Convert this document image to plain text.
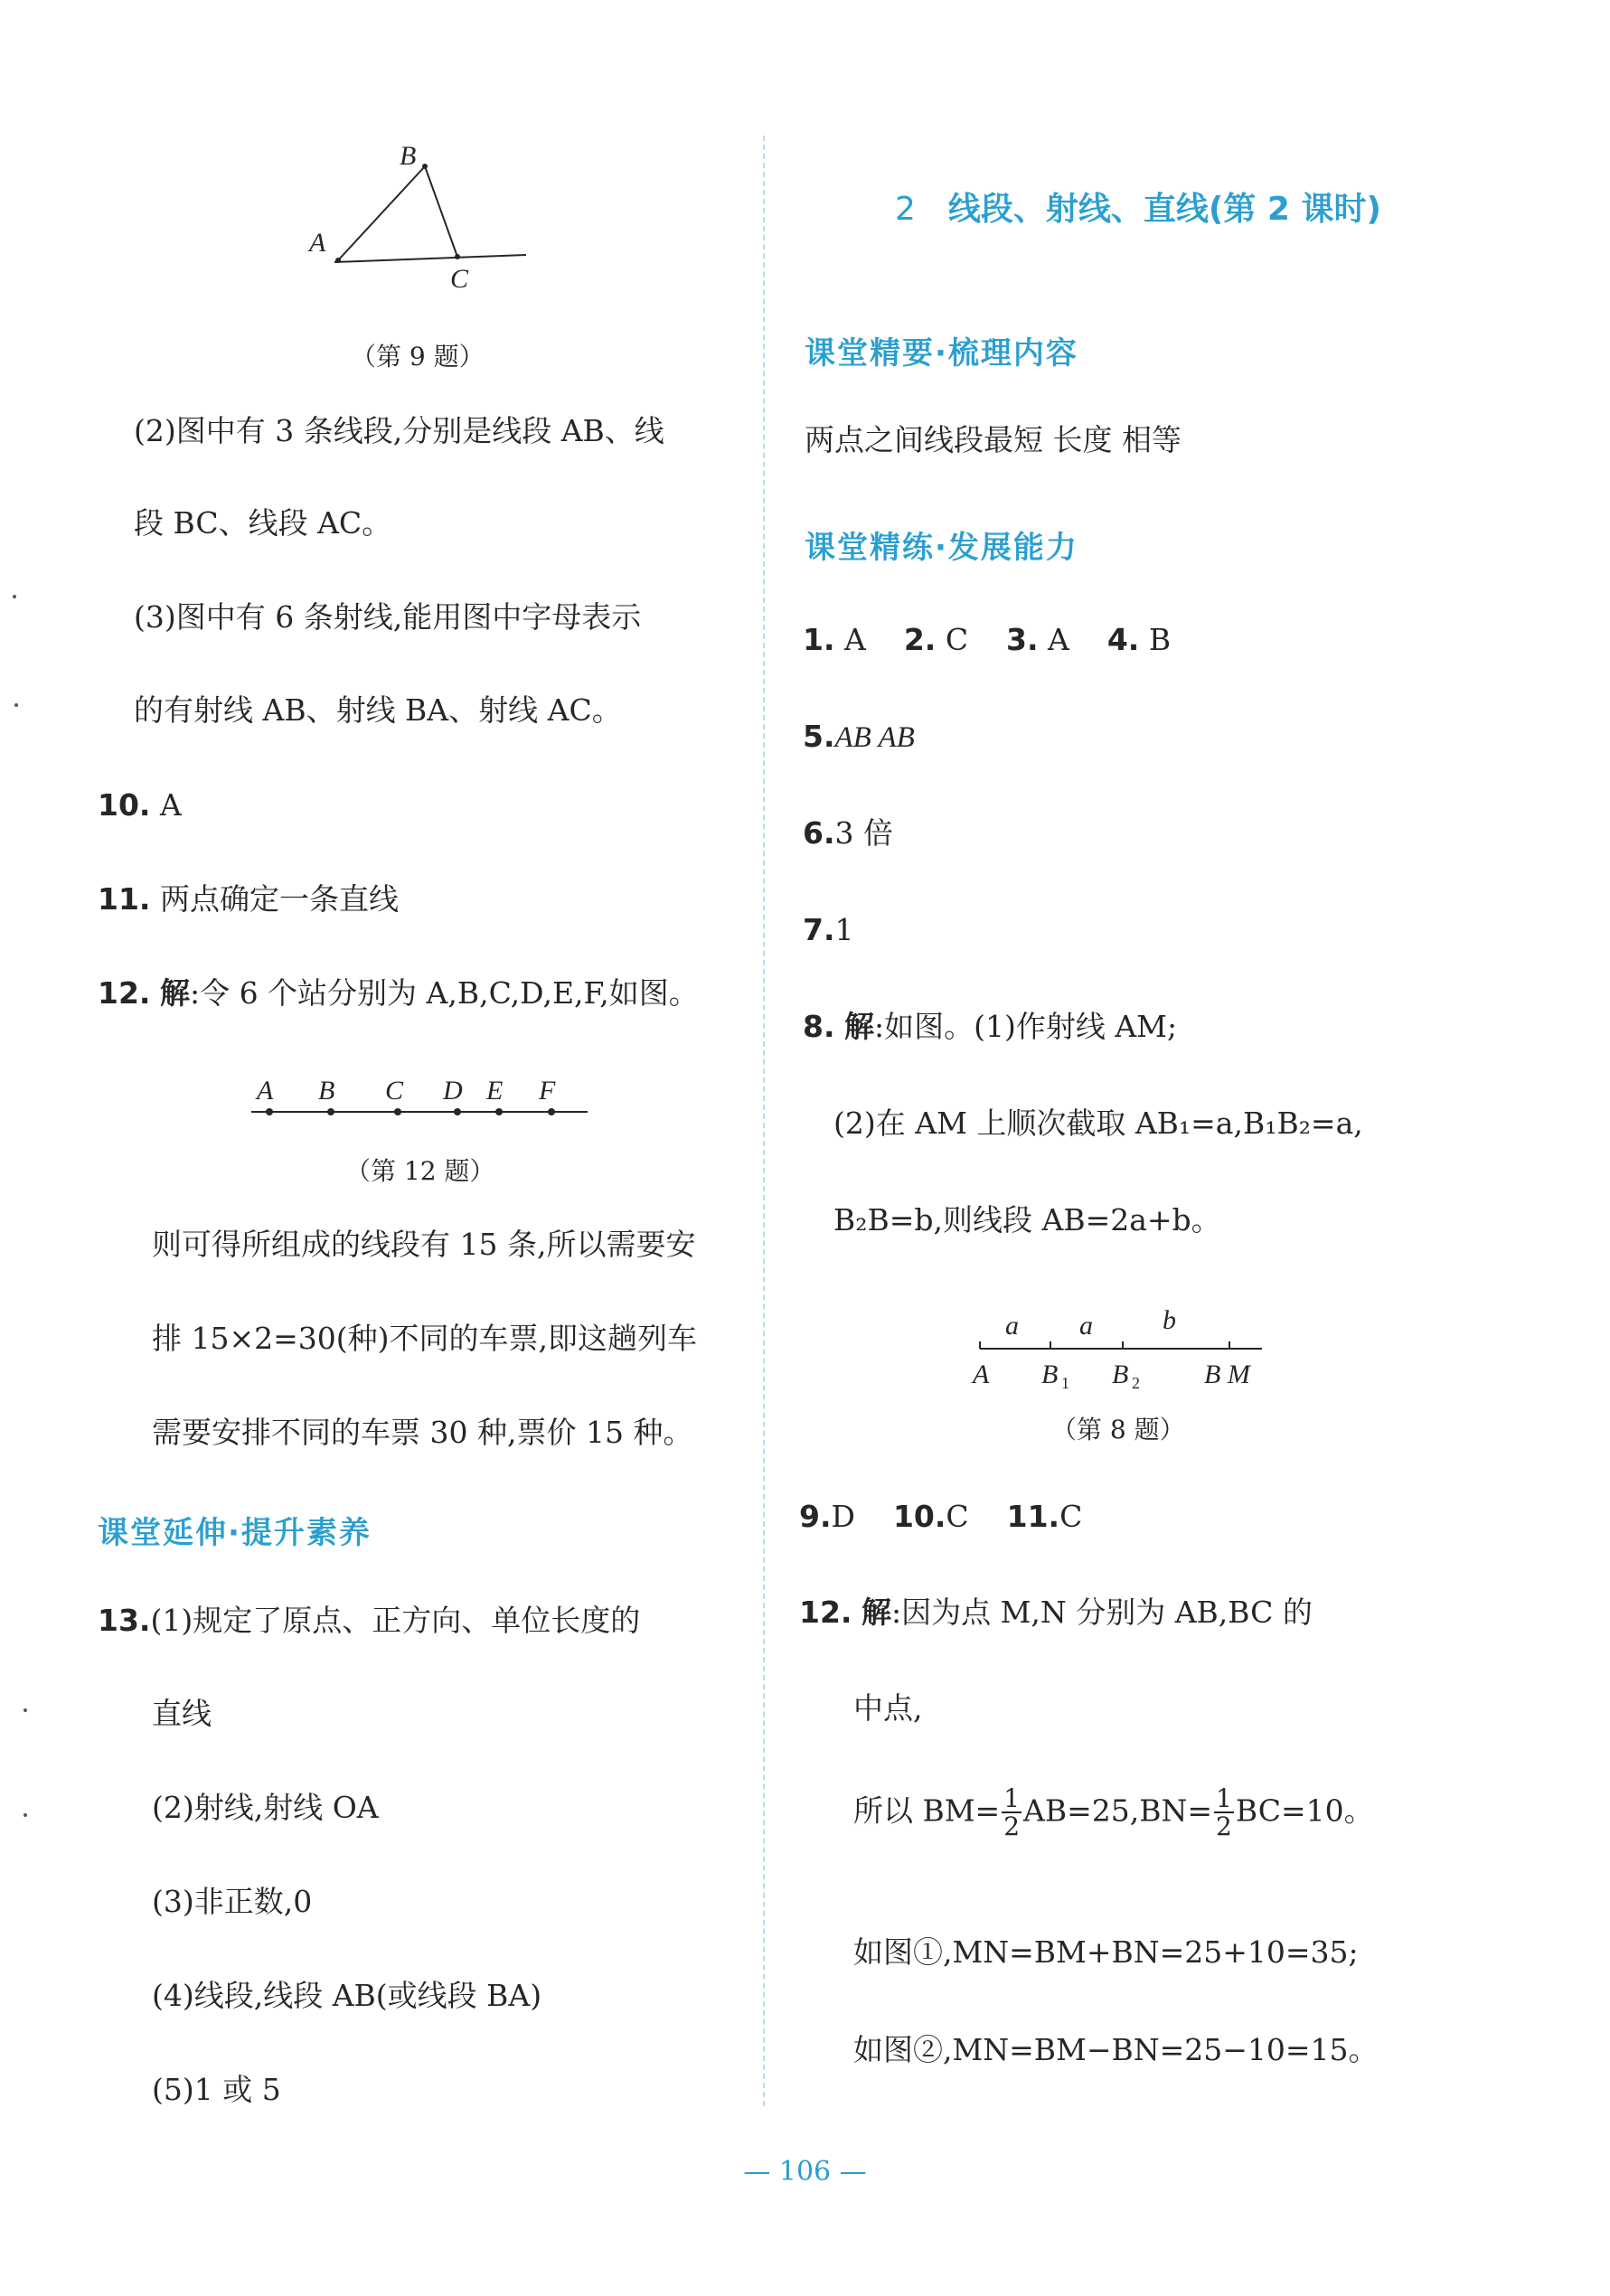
A
B
C
（第 9 题）
(2)图中有 3 条线段,分别是线段 AB、线
段 BC、线段 AC。
(3)图中有 6 条射线,能用图中字母表示
的有射线 AB、射线 BA、射线 AC。
10. A
11. 两点确定一条直线
12. 解:令 6 个站分别为 A,B,C,D,E,F,如图。
A B C D E F
（第 12 题）
则可得所组成的线段有 15 条,所以需要安
排 15×2=30(种)不同的车票,即这趟列车
需要安排不同的车票 30 种,票价 15 种。
课堂延伸·提升素养
13.(1)规定了原点、正方向、单位长度的
直线
(2)射线,射线 OA
(3)非正数,0
(4)线段,线段 AB(或线段 BA)
(5)1 或 5
2 线段、射线、直线(第 2 课时)
课堂精要·梳理内容
两点之间线段最短 长度 相等
课堂精练·发展能力
1. A 2. C 3. A 4. B
5.AB AB
6.3 倍
7.1
8. 解:如图。(1)作射线 AM;
(2)在 AM 上顺次截取 AB₁=a,B₁B₂=a,
B₂B=b,则线段 AB=2a+b。
a a	b
A B 1 B 2 B M
（第 8 题）
9.D 10.C 11.C
12. 解:因为点 M,N 分别为 AB,BC 的
中点,
所以 $BM= \frac{1}{2} AB=25,BN= \frac{1}{2} BC=10$。
如图①,MN=BM+BN=25+10=35;
如图②,MN=BM−BN=25−10=15。
— 106 —
